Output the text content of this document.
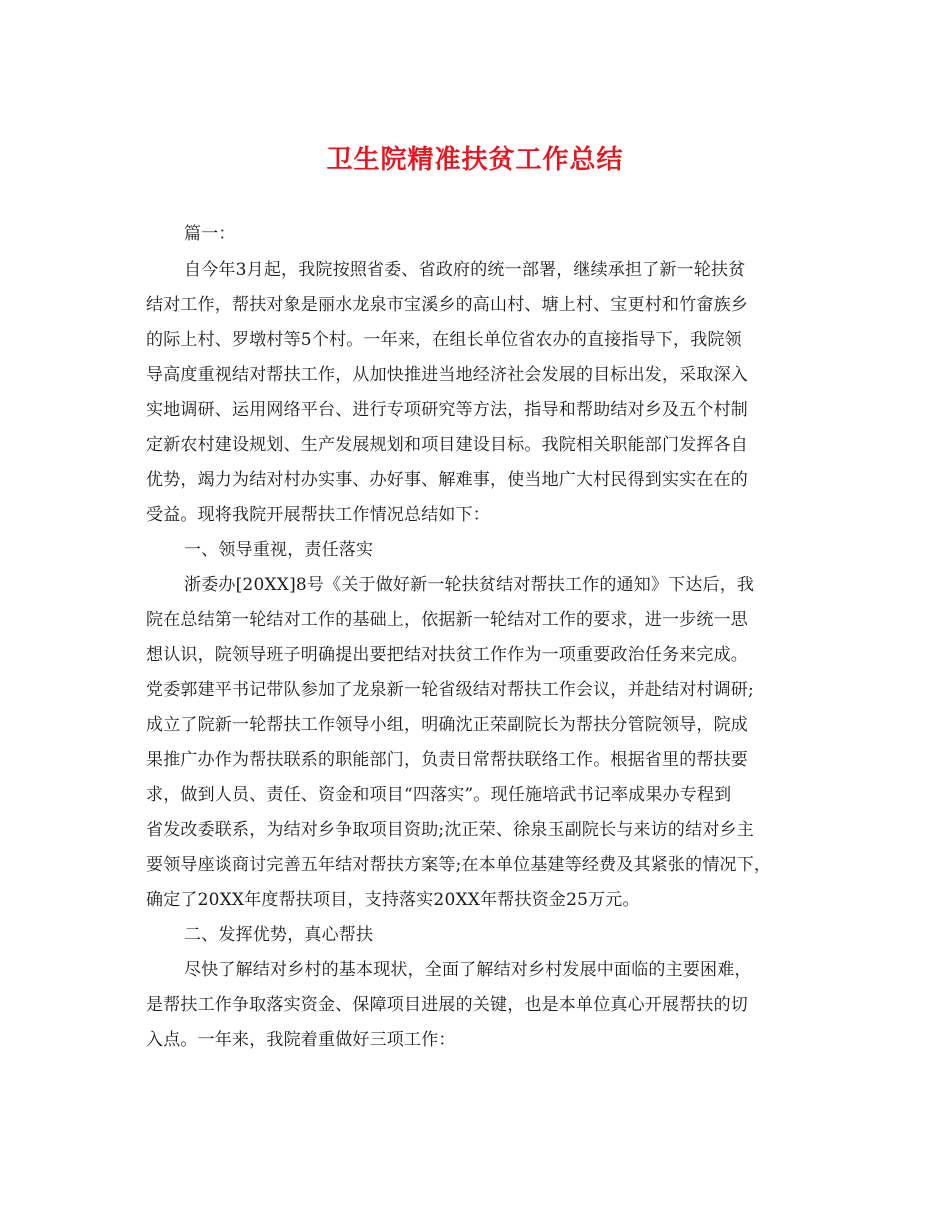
卫生院精准扶贫工作总结
篇一：
自今年3月起，我院按照省委、省政府的统一部署，继续承担了新一轮扶贫
结对工作，帮扶对象是丽水龙泉市宝溪乡的高山村、塘上村、宝更村和竹畲族乡
的际上村、罗墩村等5个村。一年来，在组长单位省农办的直接指导下，我院领
导高度重视结对帮扶工作，从加快推进当地经济社会发展的目标出发，采取深入
实地调研、运用网络平台、进行专项研究等方法，指导和帮助结对乡及五个村制
定新农村建设规划、生产发展规划和项目建设目标。我院相关职能部门发挥各自
优势，竭力为结对村办实事、办好事、解难事，使当地广大村民得到实实在在的
受益。现将我院开展帮扶工作情况总结如下：
一、领导重视，责任落实
浙委办[20XX]8号《关于做好新一轮扶贫结对帮扶工作的通知》下达后，我
院在总结第一轮结对工作的基础上，依据新一轮结对工作的要求，进一步统一思
想认识，院领导班子明确提出要把结对扶贫工作作为一项重要政治任务来完成。
党委郭建平书记带队参加了龙泉新一轮省级结对帮扶工作会议，并赴结对村调研;
成立了院新一轮帮扶工作领导小组，明确沈正荣副院长为帮扶分管院领导，院成
果推广办作为帮扶联系的职能部门，负责日常帮扶联络工作。根据省里的帮扶要
求，做到人员、责任、资金和项目“四落实”。现任施培武书记率成果办专程到
省发改委联系，为结对乡争取项目资助;沈正荣、徐泉玉副院长与来访的结对乡主
要领导座谈商讨完善五年结对帮扶方案等;在本单位基建等经费及其紧张的情况下，
确定了20XX年度帮扶项目，支持落实20XX年帮扶资金25万元。
二、发挥优势，真心帮扶
尽快了解结对乡村的基本现状，全面了解结对乡村发展中面临的主要困难，
是帮扶工作争取落实资金、保障项目进展的关键，也是本单位真心开展帮扶的切
入点。一年来，我院着重做好三项工作：
